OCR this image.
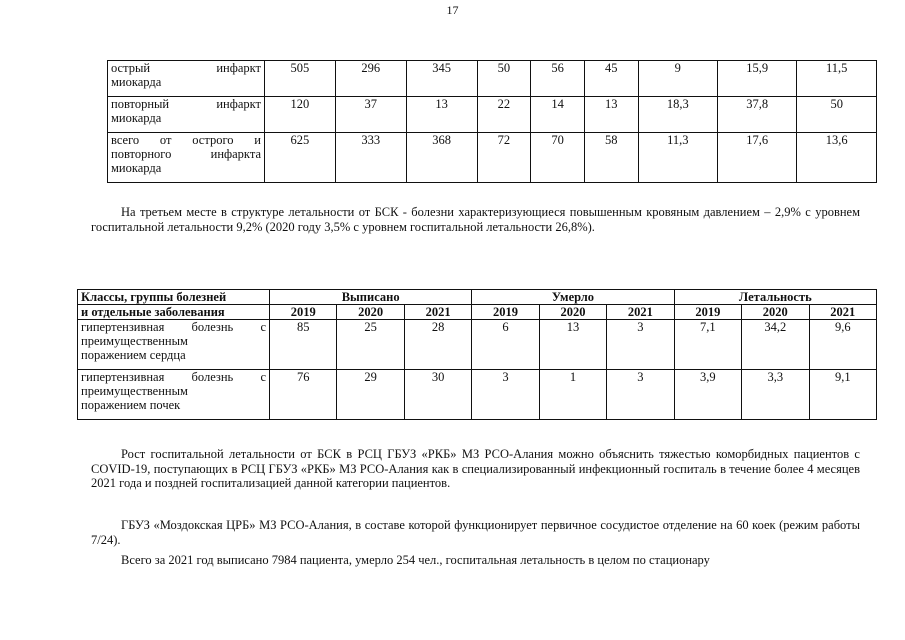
17
острый инфаркт
миокарда	505	296	345	50	56	45	9	15,9	11,5

повторный инфаркт
миокарда	120	37	13	22	14	13	18,3	37,8	50

всего от острого и
повторного инфаркта
миокарда	625	333	368	72	70	58	11,3	17,6	13,6

На третьем месте в структуре летальности от БСК - болезни характеризующиеся повышенным кровяным давлением – 2,9% с уровнем госпитальной летальности 9,2% (2020 году 3,5% с уровнем госпитальной летальности 26,8%).

Классы, группы болезней	Выписано			Умерло			Летальность		
и отдельные заболевания	2019	2020	2021	2019	2020	2021	2019	2020	2021

гипертензивная болезнь с
преимущественным
поражением сердца	85	25	28	6	13	3	7,1	34,2	9,6

гипертензивная болезнь с
преимущественным
поражением почек	76	29	30	3	1	3	3,9	3,3	9,1

Рост госпитальной летальности от БСК в РСЦ ГБУЗ «РКБ» МЗ РСО-Алания можно объяснить тяжестью коморбидных пациентов с COVID-19, поступающих в РСЦ ГБУЗ «РКБ» МЗ РСО-Алания как в специализированный инфекционный госпиталь в течение более 4 месяцев 2021 года и поздней госпитализацией данной категории пациентов.

ГБУЗ «Моздокская ЦРБ» МЗ РСО-Алания, в составе которой функционирует первичное сосудистое отделение на 60 коек (режим работы 7/24).

Всего за 2021 год выписано 7984 пациента, умерло 254 чел., госпитальная летальность в целом по стационару
